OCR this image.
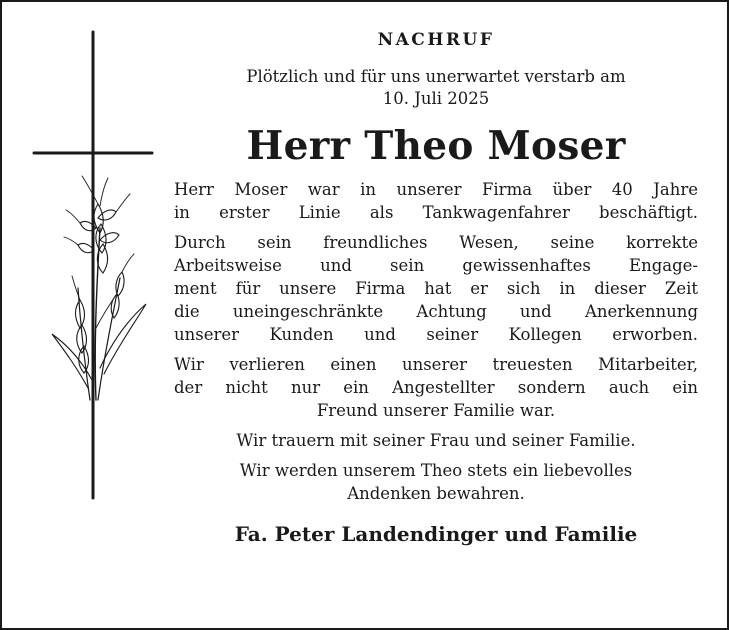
NACHRUF
Plötzlich und für uns unerwartet verstarb am
10. Juli 2025
Herr Theo Moser
Herr Moser war in unserer Firma über 40 Jahre
in erster Linie als Tankwagenfahrer beschäftigt.
Durch sein freundliches Wesen, seine korrekte
Arbeitsweise und sein gewissenhaftes Engage-
ment für unsere Firma hat er sich in dieser Zeit
die uneingeschränkte Achtung und Anerkennung
unserer Kunden und seiner Kollegen erworben.
Wir verlieren einen unserer treuesten Mitarbeiter,
der nicht nur ein Angestellter sondern auch ein
Freund unserer Familie war.
Wir trauern mit seiner Frau und seiner Familie.
Wir werden unserem Theo stets ein liebevolles
Andenken bewahren.
Fa. Peter Landendinger und Familie
